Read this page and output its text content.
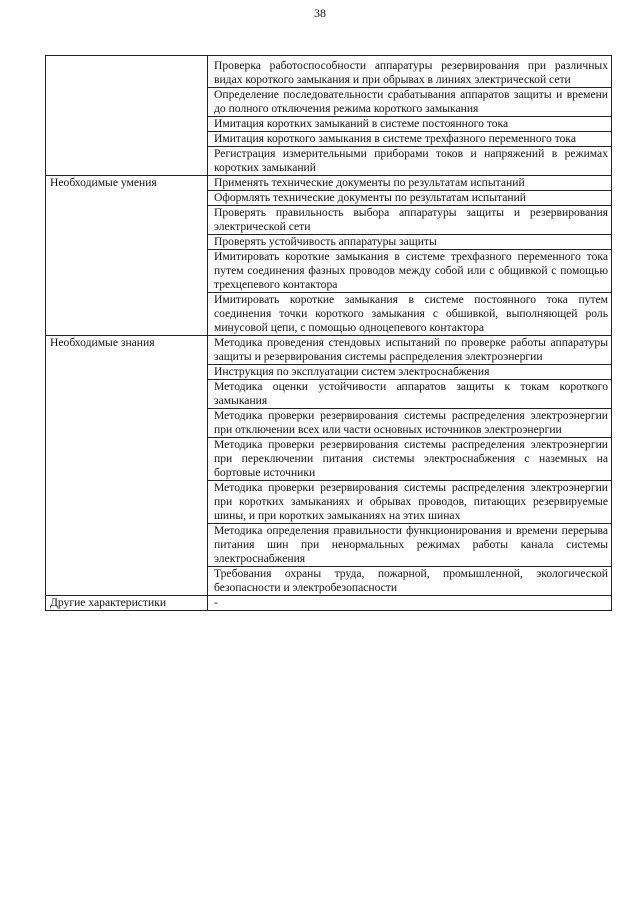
38
	Проверка работоспособности аппаратуры резервирования при различных видах короткого замыкания и при обрывах в линиях электрической сети
	Определение последовательности срабатывания аппаратов защиты и времени до полного отключения режима короткого замыкания
	Имитация коротких замыканий в системе постоянного тока
	Имитация короткого замыкания в системе трехфазного переменного тока
	Регистрация измерительными приборами токов и напряжений в режимах коротких замыканий
Необходимые умения	Применять технические документы по результатам испытаний
	Оформлять технические документы по результатам испытаний
	Проверять правильность выбора аппаратуры защиты и резервирования электрической сети
	Проверять устойчивость аппаратуры защиты
	Имитировать короткие замыкания в системе трехфазного переменного тока путем соединения фазных проводов между собой или с общивкой с помощью трехцепевого контактора
	Имитировать короткие замыкания в системе постоянного тока путем соединения точки короткого замыкания с обшивкой, выполняющей роль минусовой цепи, с помощью одноцепевого контактора
Необходимые знания	Методика проведения стендовых испытаний по проверке работы аппаратуры защиты и резервирования системы распределения электроэнергии
	Инструкция по эксплуатации систем электроснабжения
	Методика оценки устойчивости аппаратов защиты к токам короткого замыкания
	Методика проверки резервирования системы распределения электроэнергии при отключении всех или части основных источников электроэнергии
	Методика проверки резервирования системы распределения электроэнергии при переключении питания системы электроснабжения с наземных на бортовые источники
	Методика проверки резервирования системы распределения электроэнергии при коротких замыканиях и обрывах проводов, питающих резервируемые шины, и при коротких замыканиях на этих шинах
	Методика определения правильности функционирования и времени перерыва питания шин при ненормальных режимах работы канала системы электроснабжения
	Требования охраны труда, пожарной, промышленной, экологической безопасности и электробезопасности
Другие характеристики	-
